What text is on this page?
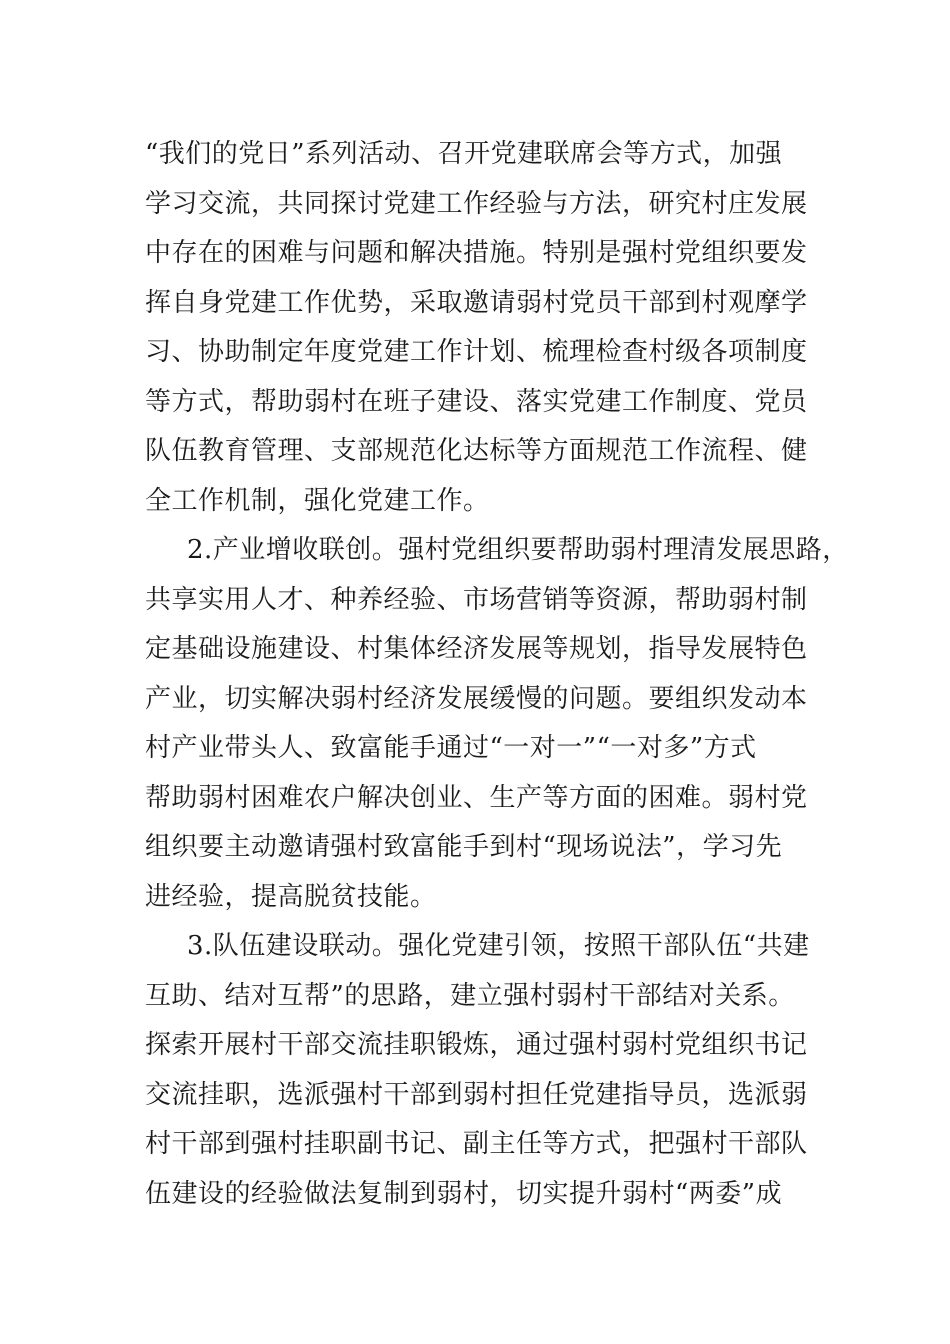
“我们的党日”系列活动、召开党建联席会等方式，加强
学习交流，共同探讨党建工作经验与方法，研究村庄发展
中存在的困难与问题和解决措施。特别是强村党组织要发
挥自身党建工作优势，采取邀请弱村党员干部到村观摩学
习、协助制定年度党建工作计划、梳理检查村级各项制度
等方式，帮助弱村在班子建设、落实党建工作制度、党员
队伍教育管理、支部规范化达标等方面规范工作流程、健
全工作机制，强化党建工作。
2.产业增收联创。强村党组织要帮助弱村理清发展思路，
共享实用人才、种养经验、市场营销等资源，帮助弱村制
定基础设施建设、村集体经济发展等规划，指导发展特色
产业，切实解决弱村经济发展缓慢的问题。要组织发动本
村产业带头人、致富能手通过“一对一”“一对多”方式
帮助弱村困难农户解决创业、生产等方面的困难。弱村党
组织要主动邀请强村致富能手到村“现场说法”，学习先
进经验，提高脱贫技能。
3.队伍建设联动。强化党建引领，按照干部队伍“共建
互助、结对互帮”的思路，建立强村弱村干部结对关系。
探索开展村干部交流挂职锻炼，通过强村弱村党组织书记
交流挂职，选派强村干部到弱村担任党建指导员，选派弱
村干部到强村挂职副书记、副主任等方式，把强村干部队
伍建设的经验做法复制到弱村，切实提升弱村“两委”成
